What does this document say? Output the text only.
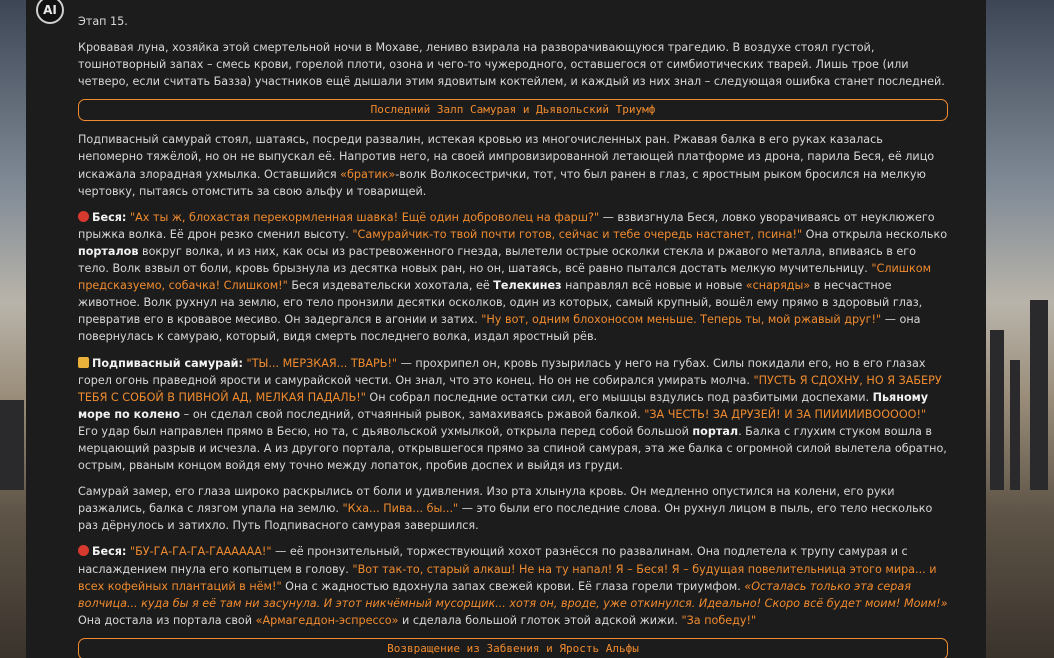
AI
Этап 15.

Кровавая луна, хозяйка этой смертельной ночи в Мохаве, лениво взирала на разворачивающуюся трагедию. В воздухе стоял густой, тошнотворный запах – смесь крови, горелой плоти, озона и чего-то чужеродного, оставшегося от симбиотических тварей. Лишь трое (или четверо, если считать Базза) участников ещё дышали этим ядовитым коктейлем, и каждый из них знал – следующая ошибка станет последней.

Последний Залп Самурая и Дьявольский Триумф

Подпивасный самурай стоял, шатаясь, посреди развалин, истекая кровью из многочисленных ран. Ржавая балка в его руках казалась непомерно тяжёлой, но он не выпускал её. Напротив него, на своей импровизированной летающей платформе из дрона, парила Беся, её лицо искажала злорадная ухмылка. Оставшийся «братик»-волк Волкосестрички, тот, что был ранен в глаз, с яростным рыком бросился на мелкую чертовку, пытаясь отомстить за свою альфу и товарищей.

Беся: "Ах ты ж, блохастая перекормленная шавка! Ещё один доброволец на фарш?" — взвизгнула Беся, ловко уворачиваясь от неуклюжего прыжка волка. Её дрон резко сменил высоту. "Самурайчик-то твой почти готов, сейчас и тебе очередь настанет, псина!" Она открыла несколько порталов вокруг волка, и из них, как осы из растревоженного гнезда, вылетели острые осколки стекла и ржавого металла, впиваясь в его тело. Волк взвыл от боли, кровь брызнула из десятка новых ран, но он, шатаясь, всё равно пытался достать мелкую мучительницу. "Слишком предсказуемо, собачка! Слишком!" Беся издевательски хохотала, её Телекинез направлял всё новые и новые «снаряды» в несчастное животное. Волк рухнул на землю, его тело пронзили десятки осколков, один из которых, самый крупный, вошёл ему прямо в здоровый глаз, превратив его в кровавое месиво. Он задергался в агонии и затих. "Ну вот, одним блохоносом меньше. Теперь ты, мой ржавый друг!" — она повернулась к самураю, который, видя смерть последнего волка, издал яростный рёв.

Подпивасный самурай: "ТЫ... МЕРЗКАЯ... ТВАРЬ!" — прохрипел он, кровь пузырилась у него на губах. Силы покидали его, но в его глазах горел огонь праведной ярости и самурайской чести. Он знал, что это конец. Но он не собирался умирать молча. "ПУСТЬ Я СДОХНУ, НО Я ЗАБЕРУ ТЕБЯ С СОБОЙ В ПИВНОЙ АД, МЕЛКАЯ ПАДАЛЬ!" Он собрал последние остатки сил, его мышцы вздулись под разбитыми доспехами. Пьяному море по колено – он сделал свой последний, отчаянный рывок, замахиваясь ржавой балкой. "ЗА ЧЕСТЬ! ЗА ДРУЗЕЙ! И ЗА ПИИИИИВООООО!" Его удар был направлен прямо в Бесю, но та, с дьявольской ухмылкой, открыла перед собой большой портал. Балка с глухим стуком вошла в мерцающий разрыв и исчезла. А из другого портала, открывшегося прямо за спиной самурая, эта же балка с огромной силой вылетела обратно, острым, рваным концом войдя ему точно между лопаток, пробив доспех и выйдя из груди.

Самурай замер, его глаза широко раскрылись от боли и удивления. Изо рта хлынула кровь. Он медленно опустился на колени, его руки разжались, балка с лязгом упала на землю. "Кха... Пива... бы..." — это были его последние слова. Он рухнул лицом в пыль, его тело несколько раз дёрнулось и затихло. Путь Подпивасного самурая завершился.

Беся: "БУ-ГА-ГА-ГА-ГАААААА!" — её пронзительный, торжествующий хохот разнёсся по развалинам. Она подлетела к трупу самурая и с наслаждением пнула его копытцем в голову. "Вот так-то, старый алкаш! Не на ту напал! Я – Беся! Я – будущая повелительница этого мира... и всех кофейных плантаций в нём!" Она с жадностью вдохнула запах свежей крови. Её глаза горели триумфом. «Осталась только эта серая волчица... куда бы я её там ни засунула. И этот никчёмный мусорщик... хотя он, вроде, уже откинулся. Идеально! Скоро всё будет моим! Моим!» Она достала из портала свой «Армагеддон-эспрессо» и сделала большой глоток этой адской жижи. "За победу!"

Возвращение из Забвения и Ярость Альфы
